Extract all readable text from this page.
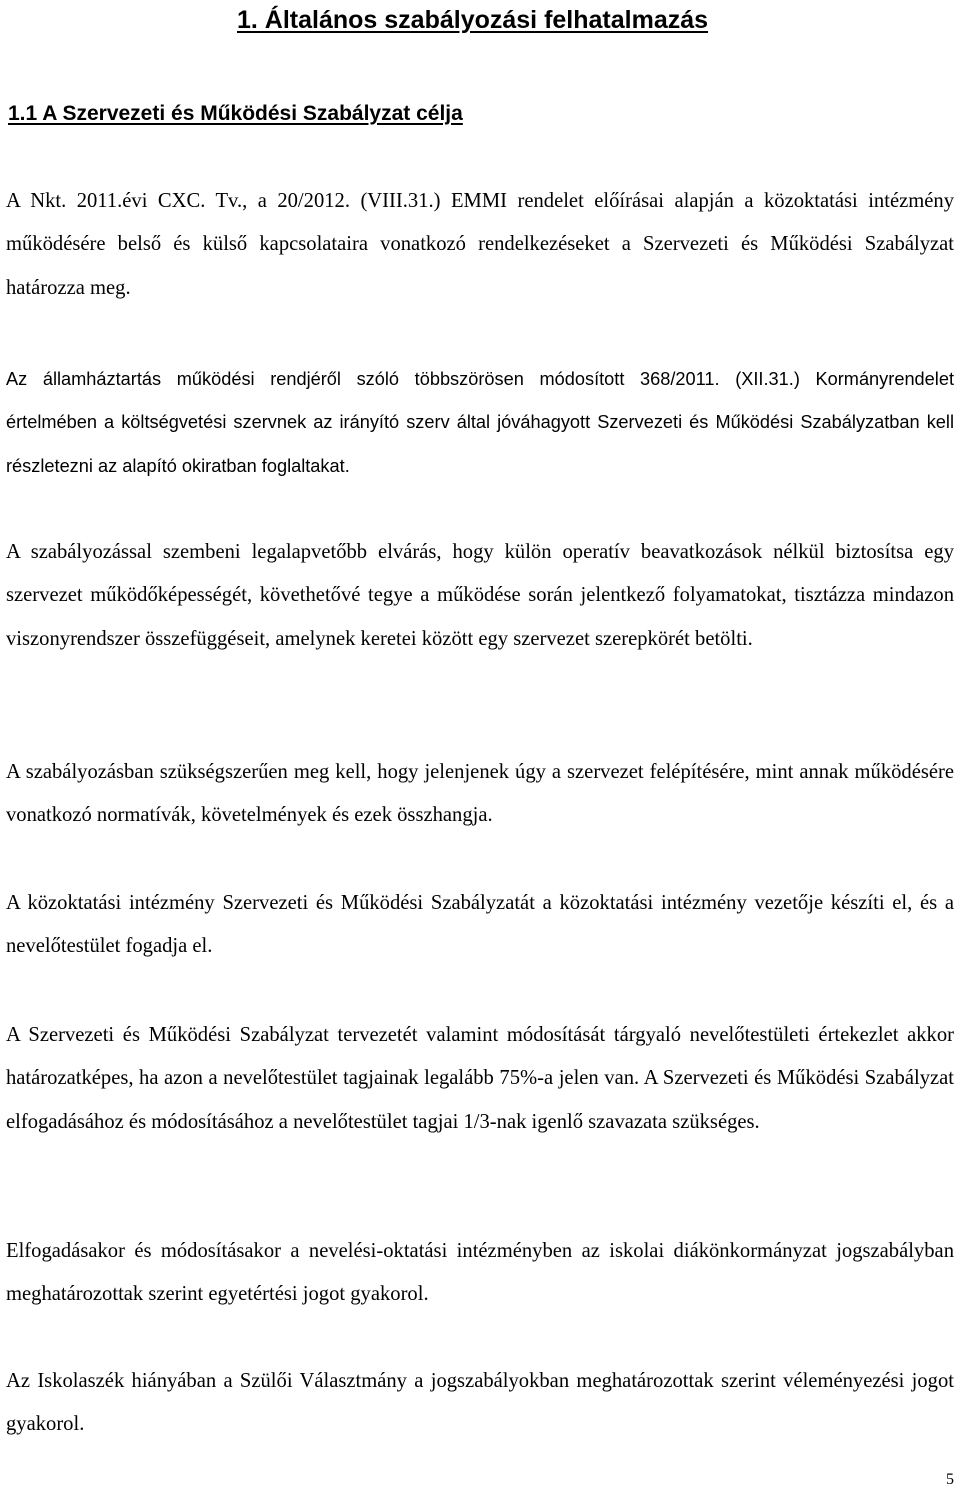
1. Általános szabályozási felhatalmazás
1.1 A Szervezeti és Működési Szabályzat célja

A Nkt. 2011.évi CXC. Tv., a 20/2012. (VIII.31.) EMMI rendelet előírásai alapján a közoktatási intézmény működésére belső és külső kapcsolataira vonatkozó rendelkezéseket a Szervezeti és Működési Szabályzat határozza meg.

Az államháztartás működési rendjéről szóló többszörösen módosított 368/2011. (XII.31.) Kormányrendelet értelmében a költségvetési szervnek az irányító szerv által jóváhagyott Szervezeti és Működési Szabályzatban kell részletezni az alapító okiratban foglaltakat.

A szabályozással szembeni legalapvetőbb elvárás, hogy külön operatív beavatkozások nélkül biztosítsa egy szervezet működőképességét, követhetővé tegye a működése során jelentkező folyamatokat, tisztázza mindazon viszonyrendszer összefüggéseit, amelynek keretei között egy szervezet szerepkörét betölti.

A szabályozásban szükségszerűen meg kell, hogy jelenjenek úgy a szervezet felépítésére, mint annak működésére vonatkozó normatívák, követelmények és ezek összhangja.

A közoktatási intézmény Szervezeti és Működési Szabályzatát a közoktatási intézmény vezetője készíti el, és a nevelőtestület fogadja el.

A Szervezeti és Működési Szabályzat tervezetét valamint módosítását tárgyaló nevelőtestületi értekezlet akkor határozatképes, ha azon a nevelőtestület tagjainak legalább 75%-a jelen van. A Szervezeti és Működési Szabályzat elfogadásához és módosításához a nevelőtestület tagjai 1/3-nak igenlő szavazata szükséges.

Elfogadásakor és módosításakor a nevelési-oktatási intézményben az iskolai diákönkormányzat jogszabályban meghatározottak szerint egyetértési jogot gyakorol.

Az Iskolaszék hiányában a Szülői Választmány a jogszabályokban meghatározottak szerint véleményezési jogot gyakorol.

5
